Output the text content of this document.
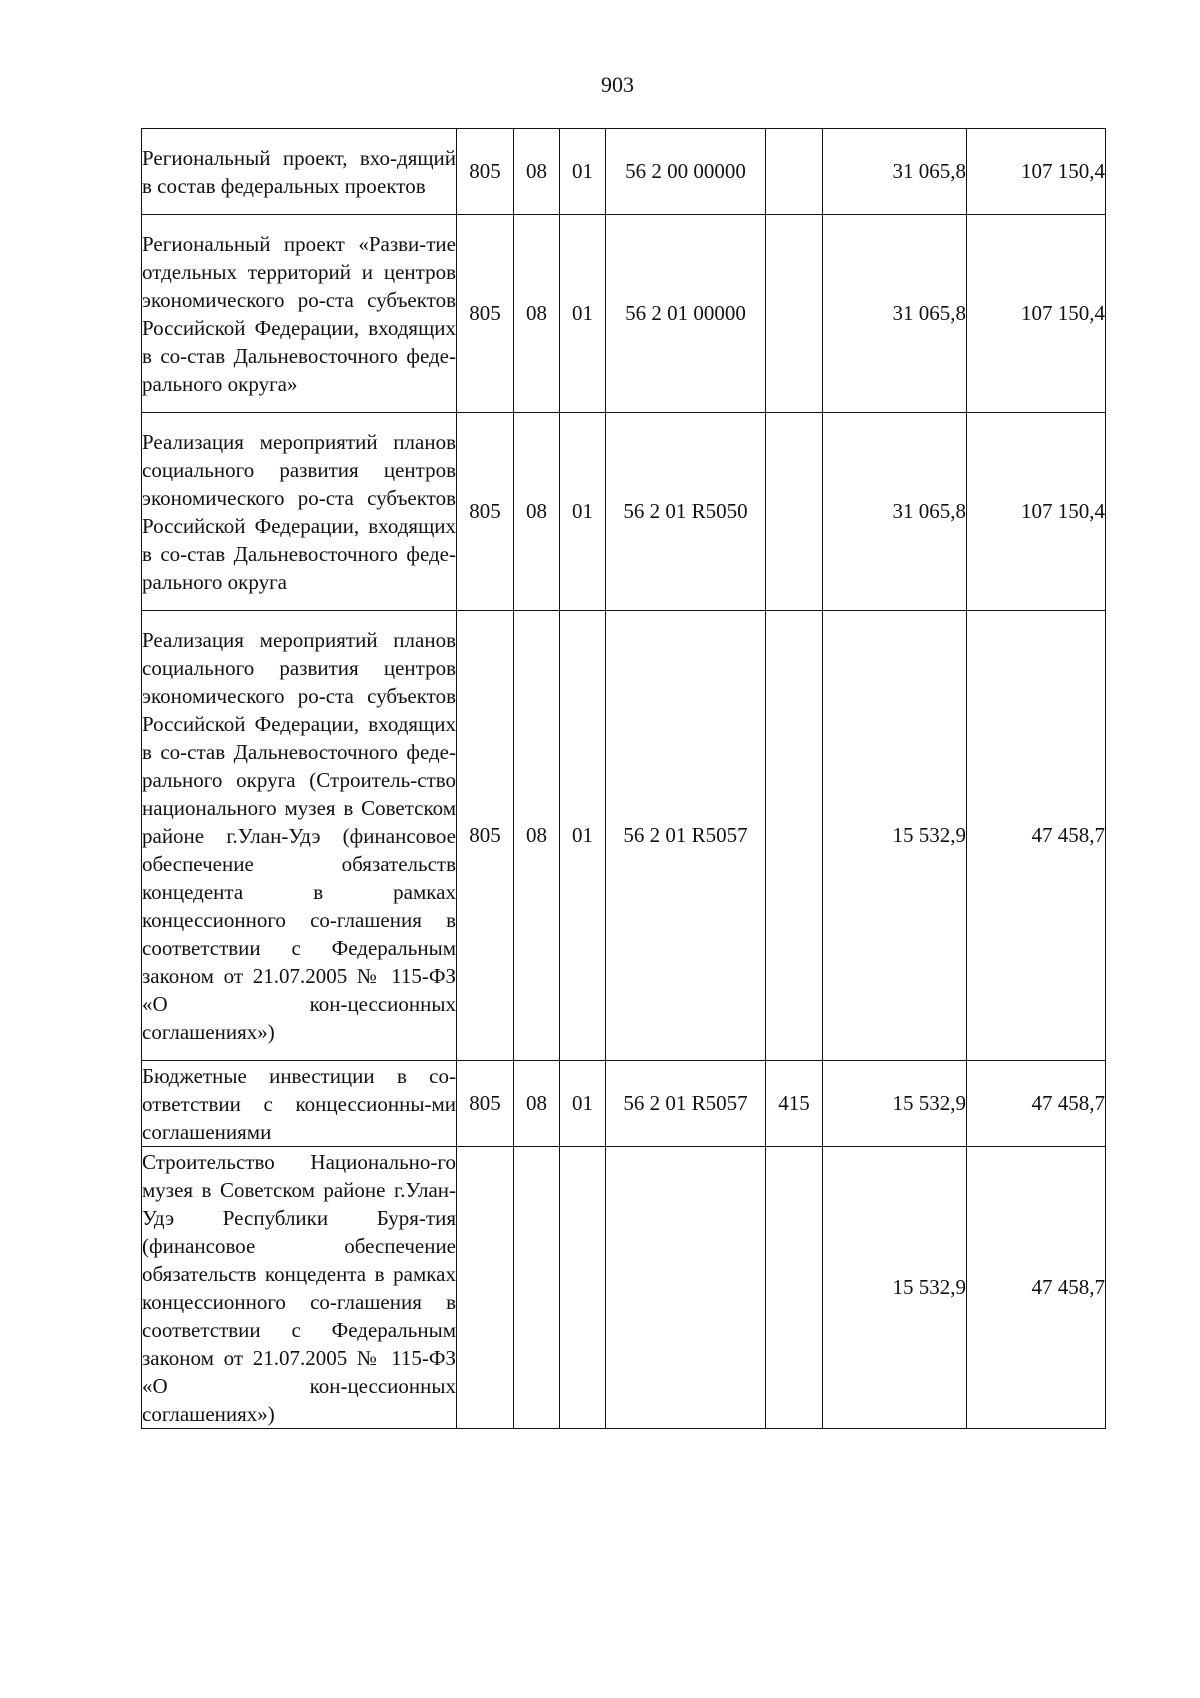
903
Региональный проект, вхо-дящий в состав федеральных проектов	805	08	01	56 2 00 00000		31 065,8	107 150,4
Региональный проект «Разви-тие отдельных территорий и центров экономического ро-ста субъектов Российской Федерации, входящих в со-став Дальневосточного феде-рального округа»	805	08	01	56 2 01 00000		31 065,8	107 150,4
Реализация мероприятий планов социального развития центров экономического ро-ста субъектов Российской Федерации, входящих в со-став Дальневосточного феде-рального округа	805	08	01	56 2 01 R5050		31 065,8	107 150,4
Реализация мероприятий планов социального развития центров экономического ро-ста субъектов Российской Федерации, входящих в со-став Дальневосточного феде-рального округа (Строитель-ство национального музея в Советском районе г.Улан-Удэ (финансовое обеспечение обязательств концедента в рамках концессионного со-глашения в соответствии с Федеральным законом от 21.07.2005 № 115-ФЗ «О кон-цессионных соглашениях»)	805	08	01	56 2 01 R5057		15 532,9	47 458,7
Бюджетные инвестиции в со-ответствии с концессионны-ми соглашениями	805	08	01	56 2 01 R5057	415	15 532,9	47 458,7
Строительство Национально-го музея в Советском районе г.Улан-Удэ Республики Буря-тия (финансовое обеспечение обязательств концедента в рамках концессионного со-глашения в соответствии с Федеральным законом от 21.07.2005 № 115-ФЗ «О кон-цессионных соглашениях»)						15 532,9	47 458,7
